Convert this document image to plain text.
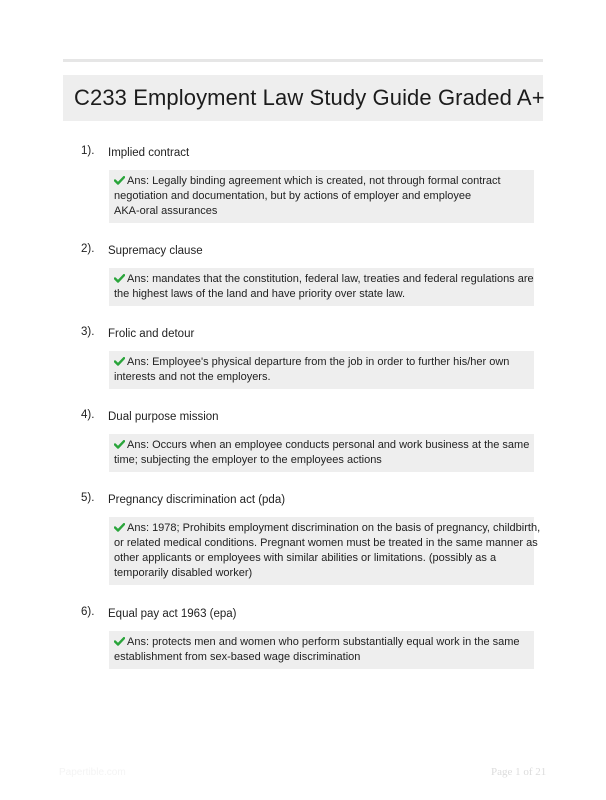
C233 Employment Law Study Guide Graded A+
1). Implied contract
Ans: Legally binding agreement which is created, not through formal contract
negotiation and documentation, but by actions of employer and employee
AKA-oral assurances
2). Supremacy clause
Ans: mandates that the constitution, federal law, treaties and federal regulations are
the highest laws of the land and have priority over state law.
3). Frolic and detour
Ans: Employee's physical departure from the job in order to further his/her own
interests and not the employers.
4). Dual purpose mission
Ans: Occurs when an employee conducts personal and work business at the same
time; subjecting the employer to the employees actions
5). Pregnancy discrimination act (pda)
Ans: 1978; Prohibits employment discrimination on the basis of pregnancy, childbirth,
or related medical conditions. Pregnant women must be treated in the same manner as
other applicants or employees with similar abilities or limitations. (possibly as a
temporarily disabled worker)
6). Equal pay act 1963 (epa)
Ans: protects men and women who perform substantially equal work in the same
establishment from sex-based wage discrimination
Papertible.com	Page 1 of 21
